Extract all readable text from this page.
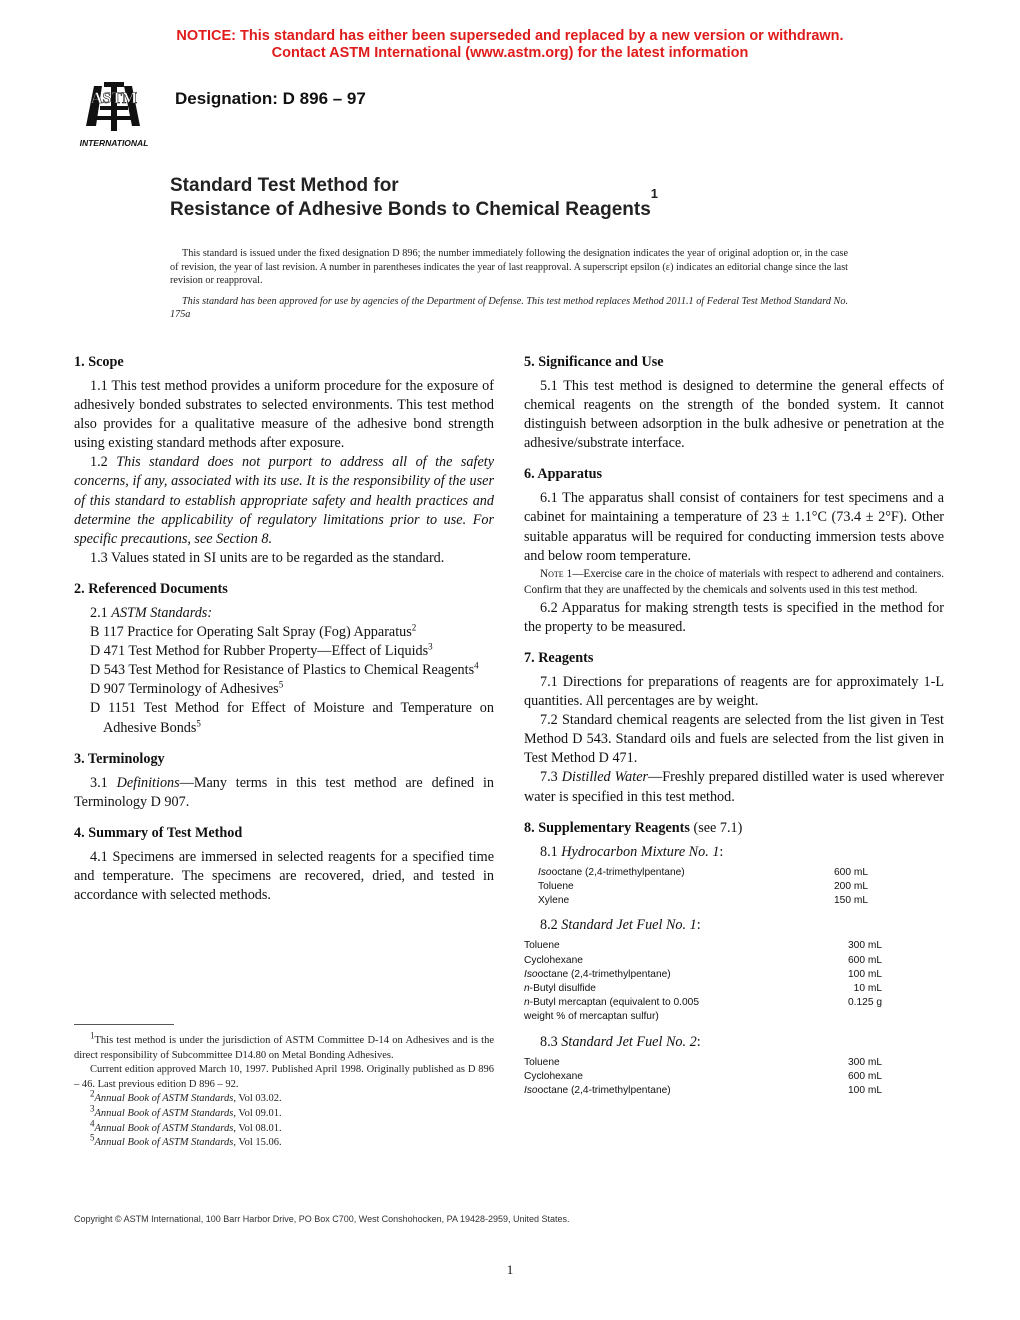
NOTICE: This standard has either been superseded and replaced by a new version or withdrawn.
Contact ASTM International (www.astm.org) for the latest information
ASTM
INTERNATIONAL
Designation: D 896 – 97
Standard Test Method for
Resistance of Adhesive Bonds to Chemical Reagents$^1$

This standard is issued under the fixed designation D 896; the number immediately following the designation indicates the year of original adoption or, in the case of revision, the year of last revision. A number in parentheses indicates the year of last reapproval. A superscript epsilon (ε) indicates an editorial change since the last revision or reapproval.

This standard has been approved for use by agencies of the Department of Defense. This test method replaces Method 2011.1 of Federal Test Method Standard No. 175a

1. Scope

1.1 This test method provides a uniform procedure for the exposure of adhesively bonded substrates to selected environments. This test method also provides for a qualitative measure of the adhesive bond strength using existing standard methods after exposure.

1.2 This standard does not purport to address all of the safety concerns, if any, associated with its use. It is the responsibility of the user of this standard to establish appropriate safety and health practices and determine the applicability of regulatory limitations prior to use. For specific precautions, see Section 8.

1.3 Values stated in SI units are to be regarded as the standard.

2. Referenced Documents

2.1 ASTM Standards:

B 117 Practice for Operating Salt Spray (Fog) Apparatus$^2$

D 471 Test Method for Rubber Property—Effect of Liquids$^3$

D 543 Test Method for Resistance of Plastics to Chemical Reagents$^4$

D 907 Terminology of Adhesives$^5$

D 1151 Test Method for Effect of Moisture and Temperature on Adhesive Bonds$^5$

3. Terminology

3.1 Definitions—Many terms in this test method are defined in Terminology D 907.

4. Summary of Test Method

4.1 Specimens are immersed in selected reagents for a specified time and temperature. The specimens are recovered, dried, and tested in accordance with selected methods.

$^1$This test method is under the jurisdiction of ASTM Committee D-14 on Adhesives and is the direct responsibility of Subcommittee D14.80 on Metal Bonding Adhesives.

Current edition approved March 10, 1997. Published April 1998. Originally published as D 896 – 46. Last previous edition D 896 – 92.

$^2$Annual Book of ASTM Standards, Vol 03.02.

$^3$Annual Book of ASTM Standards, Vol 09.01.

$^4$Annual Book of ASTM Standards, Vol 08.01.

$^5$Annual Book of ASTM Standards, Vol 15.06.

5. Significance and Use

5.1 This test method is designed to determine the general effects of chemical reagents on the strength of the bonded system. It cannot distinguish between adsorption in the bulk adhesive or penetration at the adhesive/substrate interface.

6. Apparatus

6.1 The apparatus shall consist of containers for test specimens and a cabinet for maintaining a temperature of 23 ± 1.1°C (73.4 ± 2°F). Other suitable apparatus will be required for conducting immersion tests above and below room temperature.

Note 1—Exercise care in the choice of materials with respect to adherend and containers. Confirm that they are unaffected by the chemicals and solvents used in this test method.

6.2 Apparatus for making strength tests is specified in the method for the property to be measured.

7. Reagents

7.1 Directions for preparations of reagents are for approximately 1-L quantities. All percentages are by weight.

7.2 Standard chemical reagents are selected from the list given in Test Method D 543. Standard oils and fuels are selected from the list given in Test Method D 471.

7.3 Distilled Water—Freshly prepared distilled water is used wherever water is specified in this test method.

8. Supplementary Reagents (see 7.1)

8.1 Hydrocarbon Mixture No. 1:

Isooctane (2,4-trimethylpentane)	600 mL
Toluene	200 mL
Xylene	150 mL

8.2 Standard Jet Fuel No. 1:

Toluene	300 mL
Cyclohexane	600 mL
Isooctane (2,4-trimethylpentane)	100 mL
n-Butyl disulfide	10 mL
n-Butyl mercaptan (equivalent to 0.005	0.125 g
weight % of mercaptan sulfur)	

8.3 Standard Jet Fuel No. 2:

Toluene	300 mL
Cyclohexane	600 mL
Isooctane (2,4-trimethylpentane)	100 mL
Copyright © ASTM International, 100 Barr Harbor Drive, PO Box C700, West Conshohocken, PA 19428-2959, United States.
1
